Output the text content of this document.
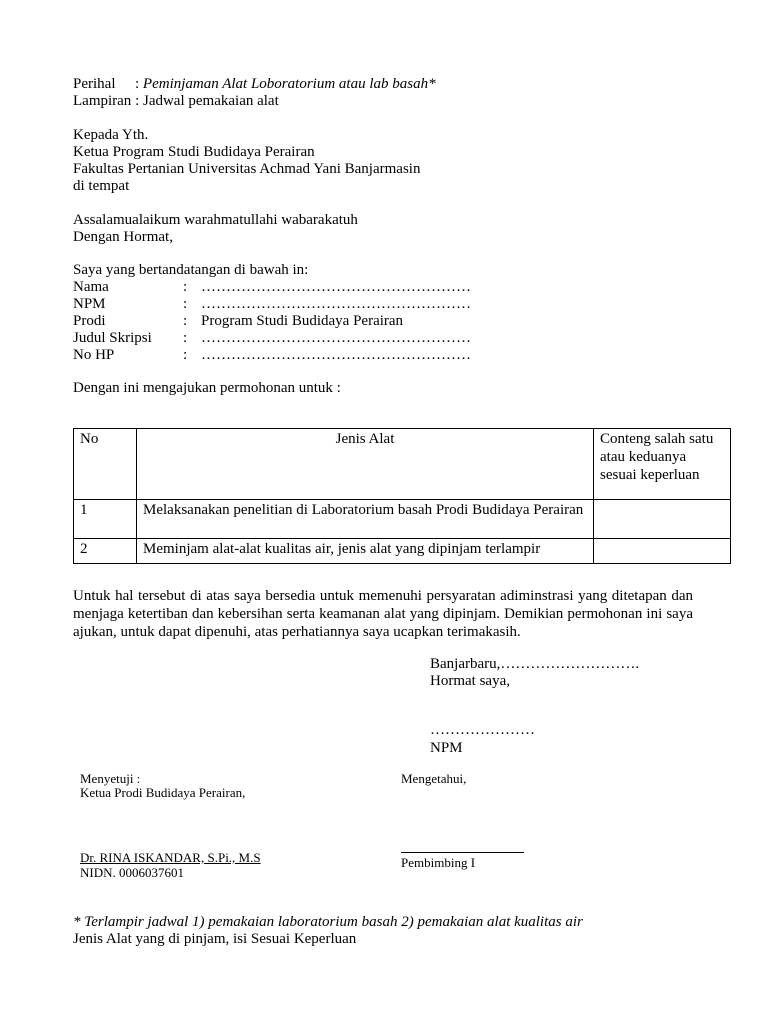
Perihal : Peminjaman Alat Loboratorium atau lab basah*
Lampiran : Jadwal pemakaian alat
Kepada Yth.
Ketua Program Studi Budidaya Perairan
Fakultas Pertanian Universitas Achmad Yani Banjarmasin
di tempat
Assalamualaikum warahmatullahi wabarakatuh
Dengan Hormat,
Saya yang bertandatangan di bawah in:
Nama	: ………………………………………………
NPM	: ………………………………………………
Prodi	: Program Studi Budidaya Perairan
Judul Skripsi : ………………………………………………
No HP	: ………………………………………………
Dengan ini mengajukan permohonan untuk :
No	Jenis Alat	Conteng salah satu atau keduanya sesuai keperluan
1	Melaksanakan penelitian di Laboratorium basah Prodi Budidaya Perairan	
2	Meminjam alat-alat kualitas air, jenis alat yang dipinjam terlampir	
Untuk hal tersebut di atas saya bersedia untuk memenuhi persyaratan adiminstrasi yang ditetapan dan menjaga ketertiban dan kebersihan serta keamanan alat yang dipinjam. Demikian permohonan ini saya ajukan, untuk dapat dipenuhi, atas perhatiannya saya ucapkan terimakasih.
Banjarbaru,……………………….
Hormat saya,
…………………
NPM
Menyetuji :
Ketua Prodi Budidaya Perairan,
Dr. RINA ISKANDAR, S.Pi., M.S
NIDN. 0006037601
Mengetahui,
Pembimbing I
* Terlampir jadwal 1) pemakaian laboratorium basah 2) pemakaian alat kualitas air
Jenis Alat yang di pinjam, isi Sesuai Keperluan
